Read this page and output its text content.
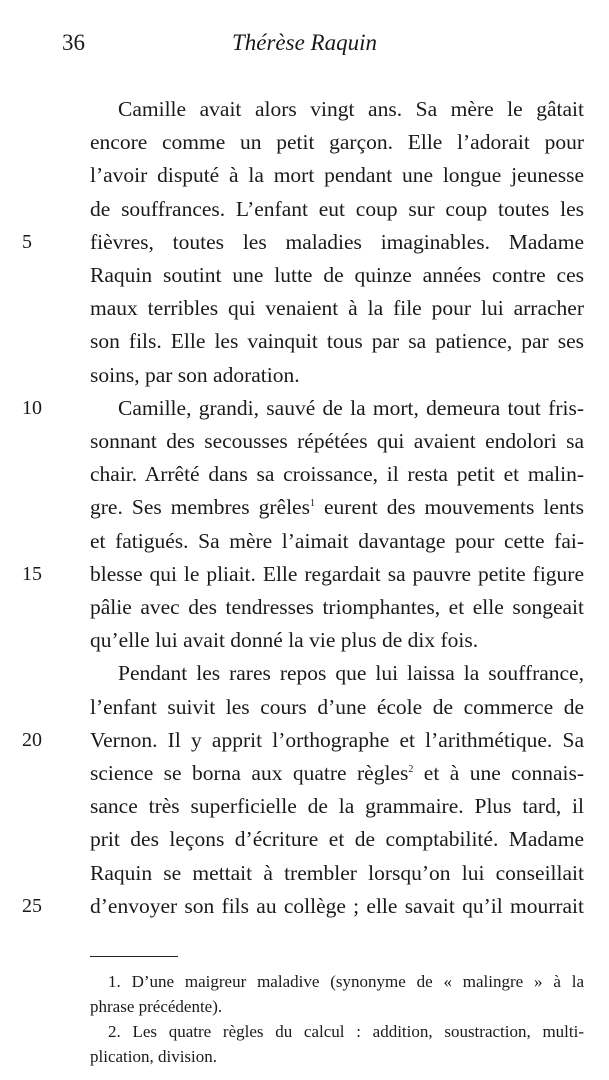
36	Thérèse Raquin
5
10
15
20
25
Camille avait alors vingt ans. Sa mère le gâtait
encore comme un petit garçon. Elle l’adorait pour
l’avoir disputé à la mort pendant une longue jeunesse
de souffrances. L’enfant eut coup sur coup toutes les
fièvres, toutes les maladies imaginables. Madame
Raquin soutint une lutte de quinze années contre ces
maux terribles qui venaient à la file pour lui arracher
son fils. Elle les vainquit tous par sa patience, par ses
soins, par son adoration.
Camille, grandi, sauvé de la mort, demeura tout fris-
sonnant des secousses répétées qui avaient endolori sa
chair. Arrêté dans sa croissance, il resta petit et malin-
gre. Ses membres grêles$^1$ eurent des mouvements lents
et fatigués. Sa mère l’aimait davantage pour cette fai-
blesse qui le pliait. Elle regardait sa pauvre petite figure
pâlie avec des tendresses triomphantes, et elle songeait
qu’elle lui avait donné la vie plus de dix fois.
Pendant les rares repos que lui laissa la souffrance,
l’enfant suivit les cours d’une école de commerce de
Vernon. Il y apprit l’orthographe et l’arithmétique. Sa
science se borna aux quatre règles$^2$ et à une connais-
sance très superficielle de la grammaire. Plus tard, il
prit des leçons d’écriture et de comptabilité. Madame
Raquin se mettait à trembler lorsqu’on lui conseillait
d’envoyer son fils au collège ; elle savait qu’il mourrait
1. D’une maigreur maladive (synonyme de « malingre » à la
phrase précédente).
2. Les quatre règles du calcul : addition, soustraction, multi-
plication, division.
